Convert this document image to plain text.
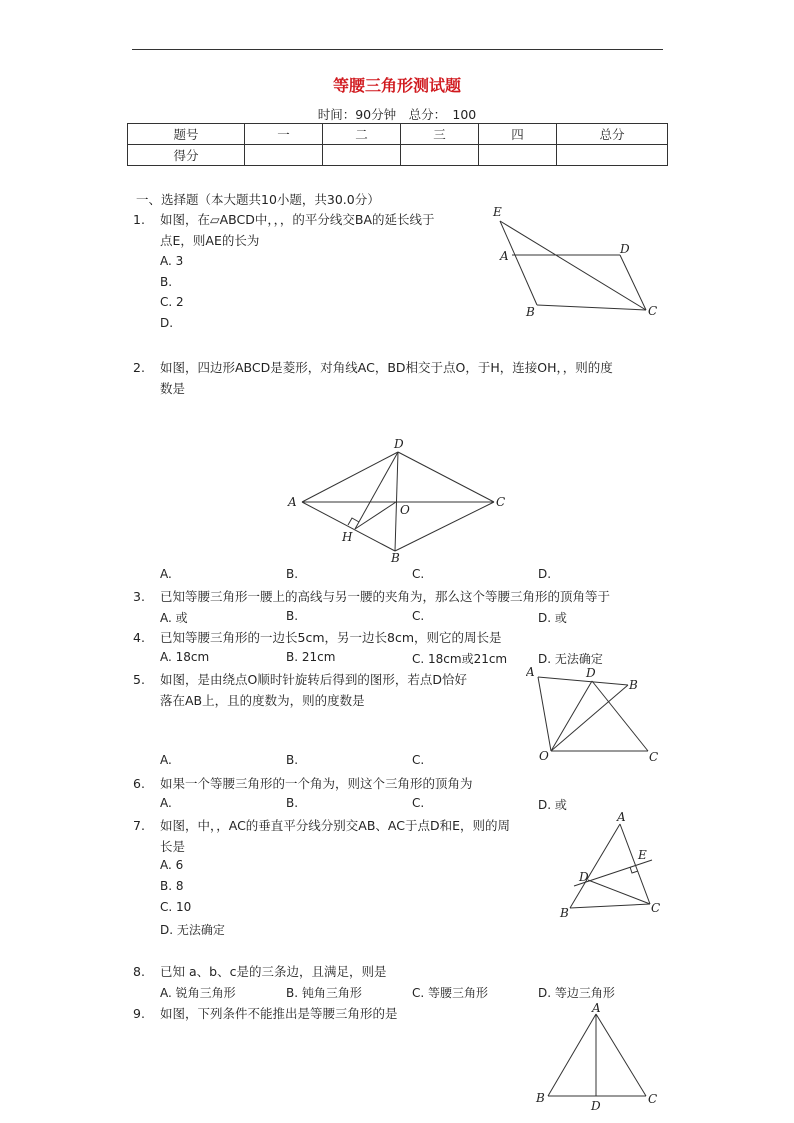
等腰三角形测试题
时间：90分钟　总分：　100
题号	一	二	三	四	总分
得分					
一、选择题（本大题共10小题，共30.0分）
1. 如图，在▱ABCD中，，，的平分线交BA的延长线于
点E，则AE的长为
A. 3
B.
C. 2
D.
E
A	D
B	C
2. 如图，四边形ABCD是菱形，对角线AC，BD相交于点O，于H，连接OH，，则的度
数是
D
A
O
C
H
B
A.	B.	C.	D.
3. 已知等腰三角形一腰上的高线与另一腰的夹角为，那么这个等腰三角形的顶角等于
A. 或	B.	C.	D. 或
4. 已知等腰三角形的一边长5cm，另一边长8cm，则它的周长是
A. 18cm	B. 21cm	C. 18cm或21cm	D. 无法确定
5. 如图，是由绕点O顺时针旋转后得到的图形，若点D恰好
落在AB上，且的度数为，则的度数是
A	D
B
O	C
A.	B.	C.
6. 如果一个等腰三角形的一个角为，则这个三角形的顶角为
A.	B.	C.	D. 或
7. 如图，中，，AC的垂直平分线分别交AB、AC于点D和E，则的周
长是
A. 6
B. 8
C. 10
D. 无法确定
A
E
D
B	C
8. 已知 a、b、c是的三条边，且满足，则是
A. 锐角三角形	B. 钝角三角形	C. 等腰三角形	D. 等边三角形
9. 如图，下列条件不能推出是等腰三角形的是	A
B
D	C
